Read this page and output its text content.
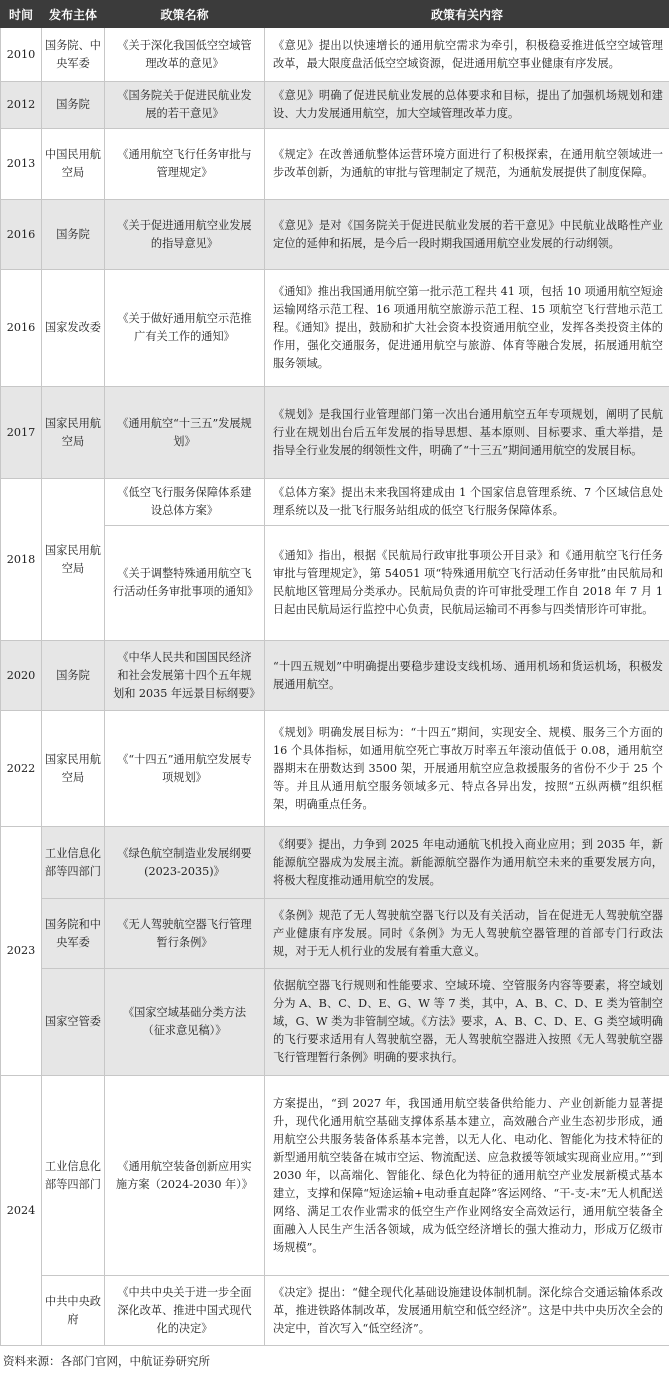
时间	发布主体	政策名称	政策有关内容
2010	国务院、中央军委	《关于深化我国低空空域管理改革的意见》	《意见》提出以快速增长的通用航空需求为牵引，积极稳妥推进低空空域管理改革，最大限度盘活低空空域资源，促进通用航空事业健康有序发展。
2012	国务院	《国务院关于促进民航业发展的若干意见》	《意见》明确了促进民航业发展的总体要求和目标，提出了加强机场规划和建设、大力发展通用航空，加大空域管理改革力度。
2013	中国民用航空局	《通用航空飞行任务审批与管理规定》	《规定》在改善通航整体运营环境方面进行了积极探索，在通用航空领域进一步改革创新，为通航的审批与管理制定了规范，为通航发展提供了制度保障。
2016	国务院	《关于促进通用航空业发展的指导意见》	《意见》是对《国务院关于促进民航业发展的若干意见》中民航业战略性产业定位的延伸和拓展，是今后一段时期我国通用航空业发展的行动纲领。
2016	国家发改委	《关于做好通用航空示范推广有关工作的通知》	《通知》推出我国通用航空第一批示范工程共 41 项，包括 10 项通用航空短途运输网络示范工程、16 项通用航空旅游示范工程、15 项航空飞行营地示范工程。《通知》提出，鼓励和扩大社会资本投资通用航空业，发挥各类投资主体的作用，强化交通服务，促进通用航空与旅游、体育等融合发展，拓展通用航空服务领域。
2017	国家民用航空局	《通用航空“十三五”发展规划》	《规划》是我国行业管理部门第一次出台通用航空五年专项规划，阐明了民航行业在规划出台后五年发展的指导思想、基本原则、目标要求、重大举措，是指导全行业发展的纲领性文件，明确了“十三五”期间通用航空的发展目标。
2018	国家民用航空局	《低空飞行服务保障体系建设总体方案》	《总体方案》提出未来我国将建成由 1 个国家信息管理系统、7 个区域信息处理系统以及一批飞行服务站组成的低空飞行服务保障体系。
		《关于调整特殊通用航空飞行活动任务审批事项的通知》	《通知》指出，根据《民航局行政审批事项公开目录》和《通用航空飞行任务审批与管理规定》，第 54051 项“特殊通用航空飞行活动任务审批”由民航局和民航地区管理局分类承办。民航局负责的许可审批受理工作自 2018 年 7 月 1 日起由民航局运行监控中心负责，民航局运输司不再参与四类情形许可审批。
2020	国务院	《中华人民共和国国民经济和社会发展第十四个五年规划和 2035 年远景目标纲要》	“十四五规划”中明确提出要稳步建设支线机场、通用机场和货运机场，积极发展通用航空。
2022	国家民用航空局	《“十四五”通用航空发展专项规划》	《规划》明确发展目标为：“十四五”期间，实现安全、规模、服务三个方面的 16 个具体指标，如通用航空死亡事故万时率五年滚动值低于 0.08，通用航空器期末在册数达到 3500 架，开展通用航空应急救援服务的省份不少于 25 个等。并且从通用航空服务领域多元、特点各异出发，按照“五纵两横”组织框架，明确重点任务。
2023	工业信息化部等四部门	《绿色航空制造业发展纲要(2023-2035)》	《纲要》提出，力争到 2025 年电动通航飞机投入商业应用；到 2035 年，新能源航空器成为发展主流。新能源航空器作为通用航空未来的重要发展方向，将极大程度推动通用航空的发展。
	国务院和中央军委	《无人驾驶航空器飞行管理暂行条例》	《条例》规范了无人驾驶航空器飞行以及有关活动，旨在促进无人驾驶航空器产业健康有序发展。同时《条例》为无人驾驶航空器管理的首部专门行政法规，对于无人机行业的发展有着重大意义。
	国家空管委	《国家空域基础分类方法（征求意见稿）》	依据航空器飞行规则和性能要求、空域环境、空管服务内容等要素，将空域划分为 A、B、C、D、E、G、W 等 7 类，其中，A、B、C、D、E 类为管制空域，G、W 类为非管制空域。《方法》要求，A、B、C、D、E、G 类空域明确的飞行要求适用有人驾驶航空器，无人驾驶航空器进入按照《无人驾驶航空器飞行管理暂行条例》明确的要求执行。
2024	工业信息化部等四部门	《通用航空装备创新应用实施方案（2024-2030 年）》	方案提出，“到 2027 年，我国通用航空装备供给能力、产业创新能力显著提升，现代化通用航空基础支撑体系基本建立，高效融合产业生态初步形成，通用航空公共服务装备体系基本完善，以无人化、电动化、智能化为技术特征的新型通用航空装备在城市空运、物流配送、应急救援等领域实现商业应用。”“到 2030 年，以高端化、智能化、绿色化为特征的通用航空产业发展新模式基本建立，支撑和保障“短途运输+电动垂直起降”客运网络、“干-支-末”无人机配送网络、满足工农作业需求的低空生产作业网络安全高效运行，通用航空装备全面融入人民生产生活各领域，成为低空经济增长的强大推动力，形成万亿级市场规模”。
	中共中央政府	《中共中央关于进一步全面深化改革、推进中国式现代化的决定》	《决定》提出：“健全现代化基础设施建设体制机制。深化综合交通运输体系改革，推进铁路体制改革，发展通用航空和低空经济”。这是中共中央历次全会的决定中，首次写入“低空经济”。
资料来源：各部门官网，中航证券研究所
